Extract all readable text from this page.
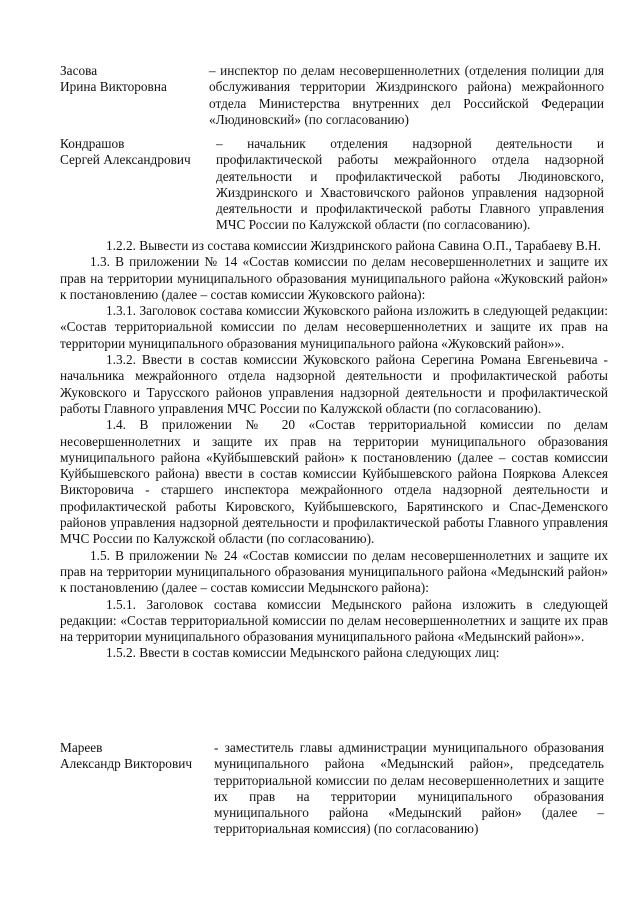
Засова
Ирина Викторовна
– инспектор по делам несовершеннолетних (отделения полиции для обслуживания территории Жиздринского района) межрайонного отдела Министерства внутренних дел Российской Федерации «Людиновский» (по согласованию)
Кондрашов
Сергей Александрович
– начальник отделения надзорной деятельности и профилактической работы межрайонного отдела надзорной деятельности и профилактической работы Людиновского, Жиздринского и Хвастовичского районов управления надзорной деятельности и профилактической работы Главного управления МЧС России по Калужской области (по согласованию).

1.2.2. Вывести из состава комиссии Жиздринского района Савина О.П., Тарабаеву В.Н.

1.3. В приложении № 14 «Состав комиссии по делам несовершеннолетних и защите их прав на территории муниципального образования муниципального района «Жуковский район» к постановлению (далее – состав комиссии Жуковского района):

1.3.1. Заголовок состава комиссии Жуковского района изложить в следующей редакции: «Состав территориальной комиссии по делам несовершеннолетних и защите их прав на территории муниципального образования муниципального района «Жуковский район»».

1.3.2. Ввести в состав комиссии Жуковского района Серегина Романа Евгеньевича - начальника межрайонного отдела надзорной деятельности и профилактической работы Жуковского и Тарусского районов управления надзорной деятельности и профилактической работы Главного управления МЧС России по Калужской области (по согласованию).

1.4. В приложении № 20 «Состав территориальной комиссии по делам несовершеннолетних и защите их прав на территории муниципального образования муниципального района «Куйбышевский район» к постановлению (далее – состав комиссии Куйбышевского района) ввести в состав комиссии Куйбышевского района Пояркова Алексея Викторовича - старшего инспектора межрайонного отдела надзорной деятельности и профилактической работы Кировского, Куйбышевского, Барятинского и Спас-Деменского районов управления надзорной деятельности и профилактической работы Главного управления МЧС России по Калужской области (по согласованию).

1.5. В приложении № 24 «Состав комиссии по делам несовершеннолетних и защите их прав на территории муниципального образования муниципального района «Медынский район» к постановлению (далее – состав комиссии Медынского района):

1.5.1. Заголовок состава комиссии Медынского района изложить в следующей редакции: «Состав территориальной комиссии по делам несовершеннолетних и защите их прав на территории муниципального образования муниципального района «Медынский район»».

1.5.2. Ввести в состав комиссии Медынского района следующих лиц:

Мареев
Александр Викторович
- заместитель главы администрации муниципального образования муниципального района «Медынский район», председатель территориальной комиссии по делам несовершеннолетних и защите их прав на территории муниципального образования муниципального района «Медынский район» (далее – территориальная комиссия) (по согласованию)
